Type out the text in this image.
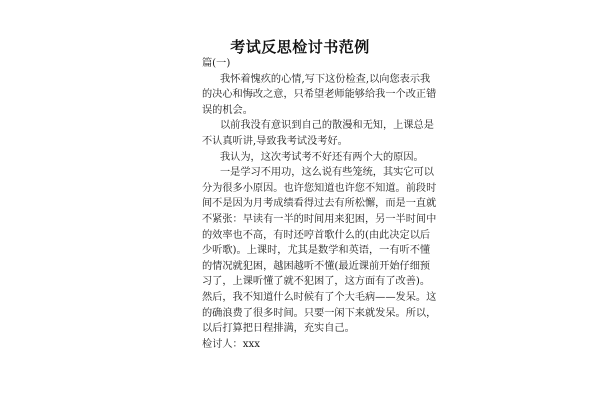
考试反思检讨书范例
篇(一)
我怀着愧疚的心情,写下这份检查,以向您表示我
的决心和悔改之意，只希望老师能够给我一个改正错
误的机会。
以前我没有意识到自己的散漫和无知，上课总是
不认真听讲,导致我考试没考好。
我认为，这次考试考不好还有两个大的原因。
一是学习不用功，这么说有些笼统，其实它可以
分为很多小原因。也许您知道也许您不知道。前段时
间不是因为月考成绩看得过去有所松懈，而是一直就
不紧张：早读有一半的时间用来犯困，另一半时间中
的效率也不高，有时还哼首歌什么的(由此决定以后
少听歌)。上课时，尤其是数学和英语，一有听不懂
的情况就犯困，越困越听不懂(最近课前开始仔细预
习了，上课听懂了就不犯困了，这方面有了改善)。
然后，我不知道什么时候有了个大毛病——发呆。这
的确浪费了很多时间。只要一闲下来就发呆。所以，
以后打算把日程排满，充实自己。
检讨人：xxx
